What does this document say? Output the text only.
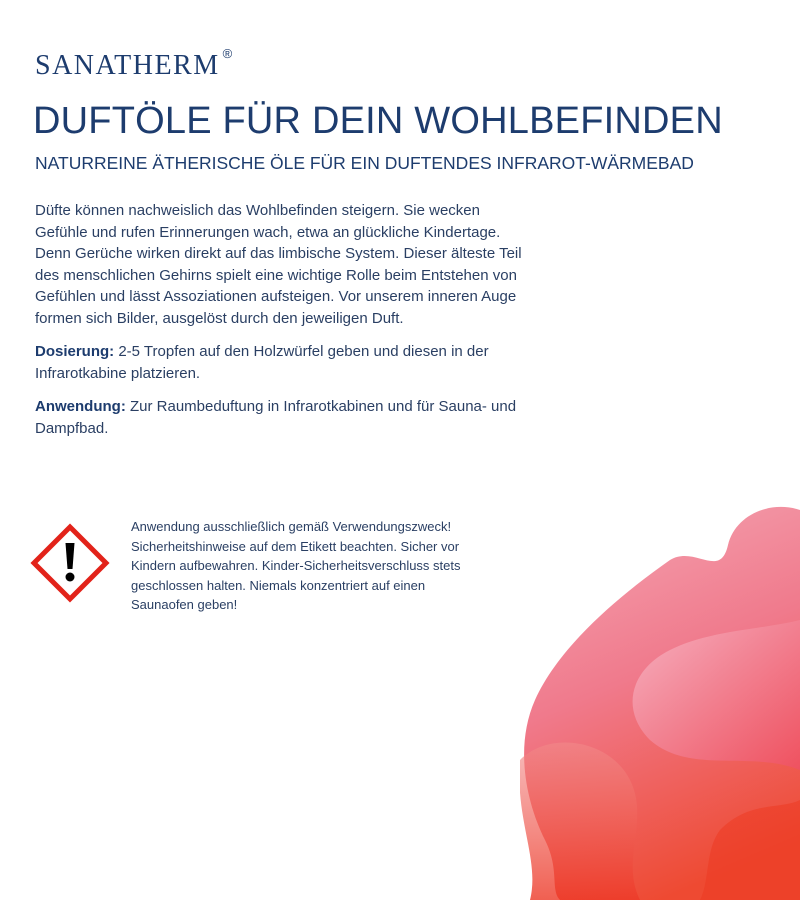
SANATHERM ®
DUFTÖLE FÜR DEIN WOHLBEFINDEN
NATURREINE ÄTHERISCHE ÖLE FÜR EIN DUFTENDES INFRAROT-WÄRMEBAD

Düfte können nachweislich das Wohlbefinden steigern. Sie wecken Gefühle und rufen Erinnerungen wach, etwa an glückliche Kindertage. Denn Gerüche wirken direkt auf das limbische System. Dieser älteste Teil des menschlichen Gehirns spielt eine wichtige Rolle beim Entstehen von Gefühlen und lässt Assoziationen aufsteigen. Vor unserem inneren Auge formen sich Bilder, ausgelöst durch den jeweiligen Duft.

Dosierung: 2-5 Tropfen auf den Holzwürfel geben und diesen in der Infrarotkabine platzieren.

Anwendung: Zur Raumbeduftung in Infrarotkabinen und für Sauna- und Dampfbad.

Anwendung ausschließlich gemäß Verwendungszweck! Sicherheitshinweise auf dem Etikett beachten. Sicher vor Kindern aufbewahren. Kinder-Sicherheitsverschluss stets geschlossen halten. Niemals konzentriert auf einen Saunaofen geben!
